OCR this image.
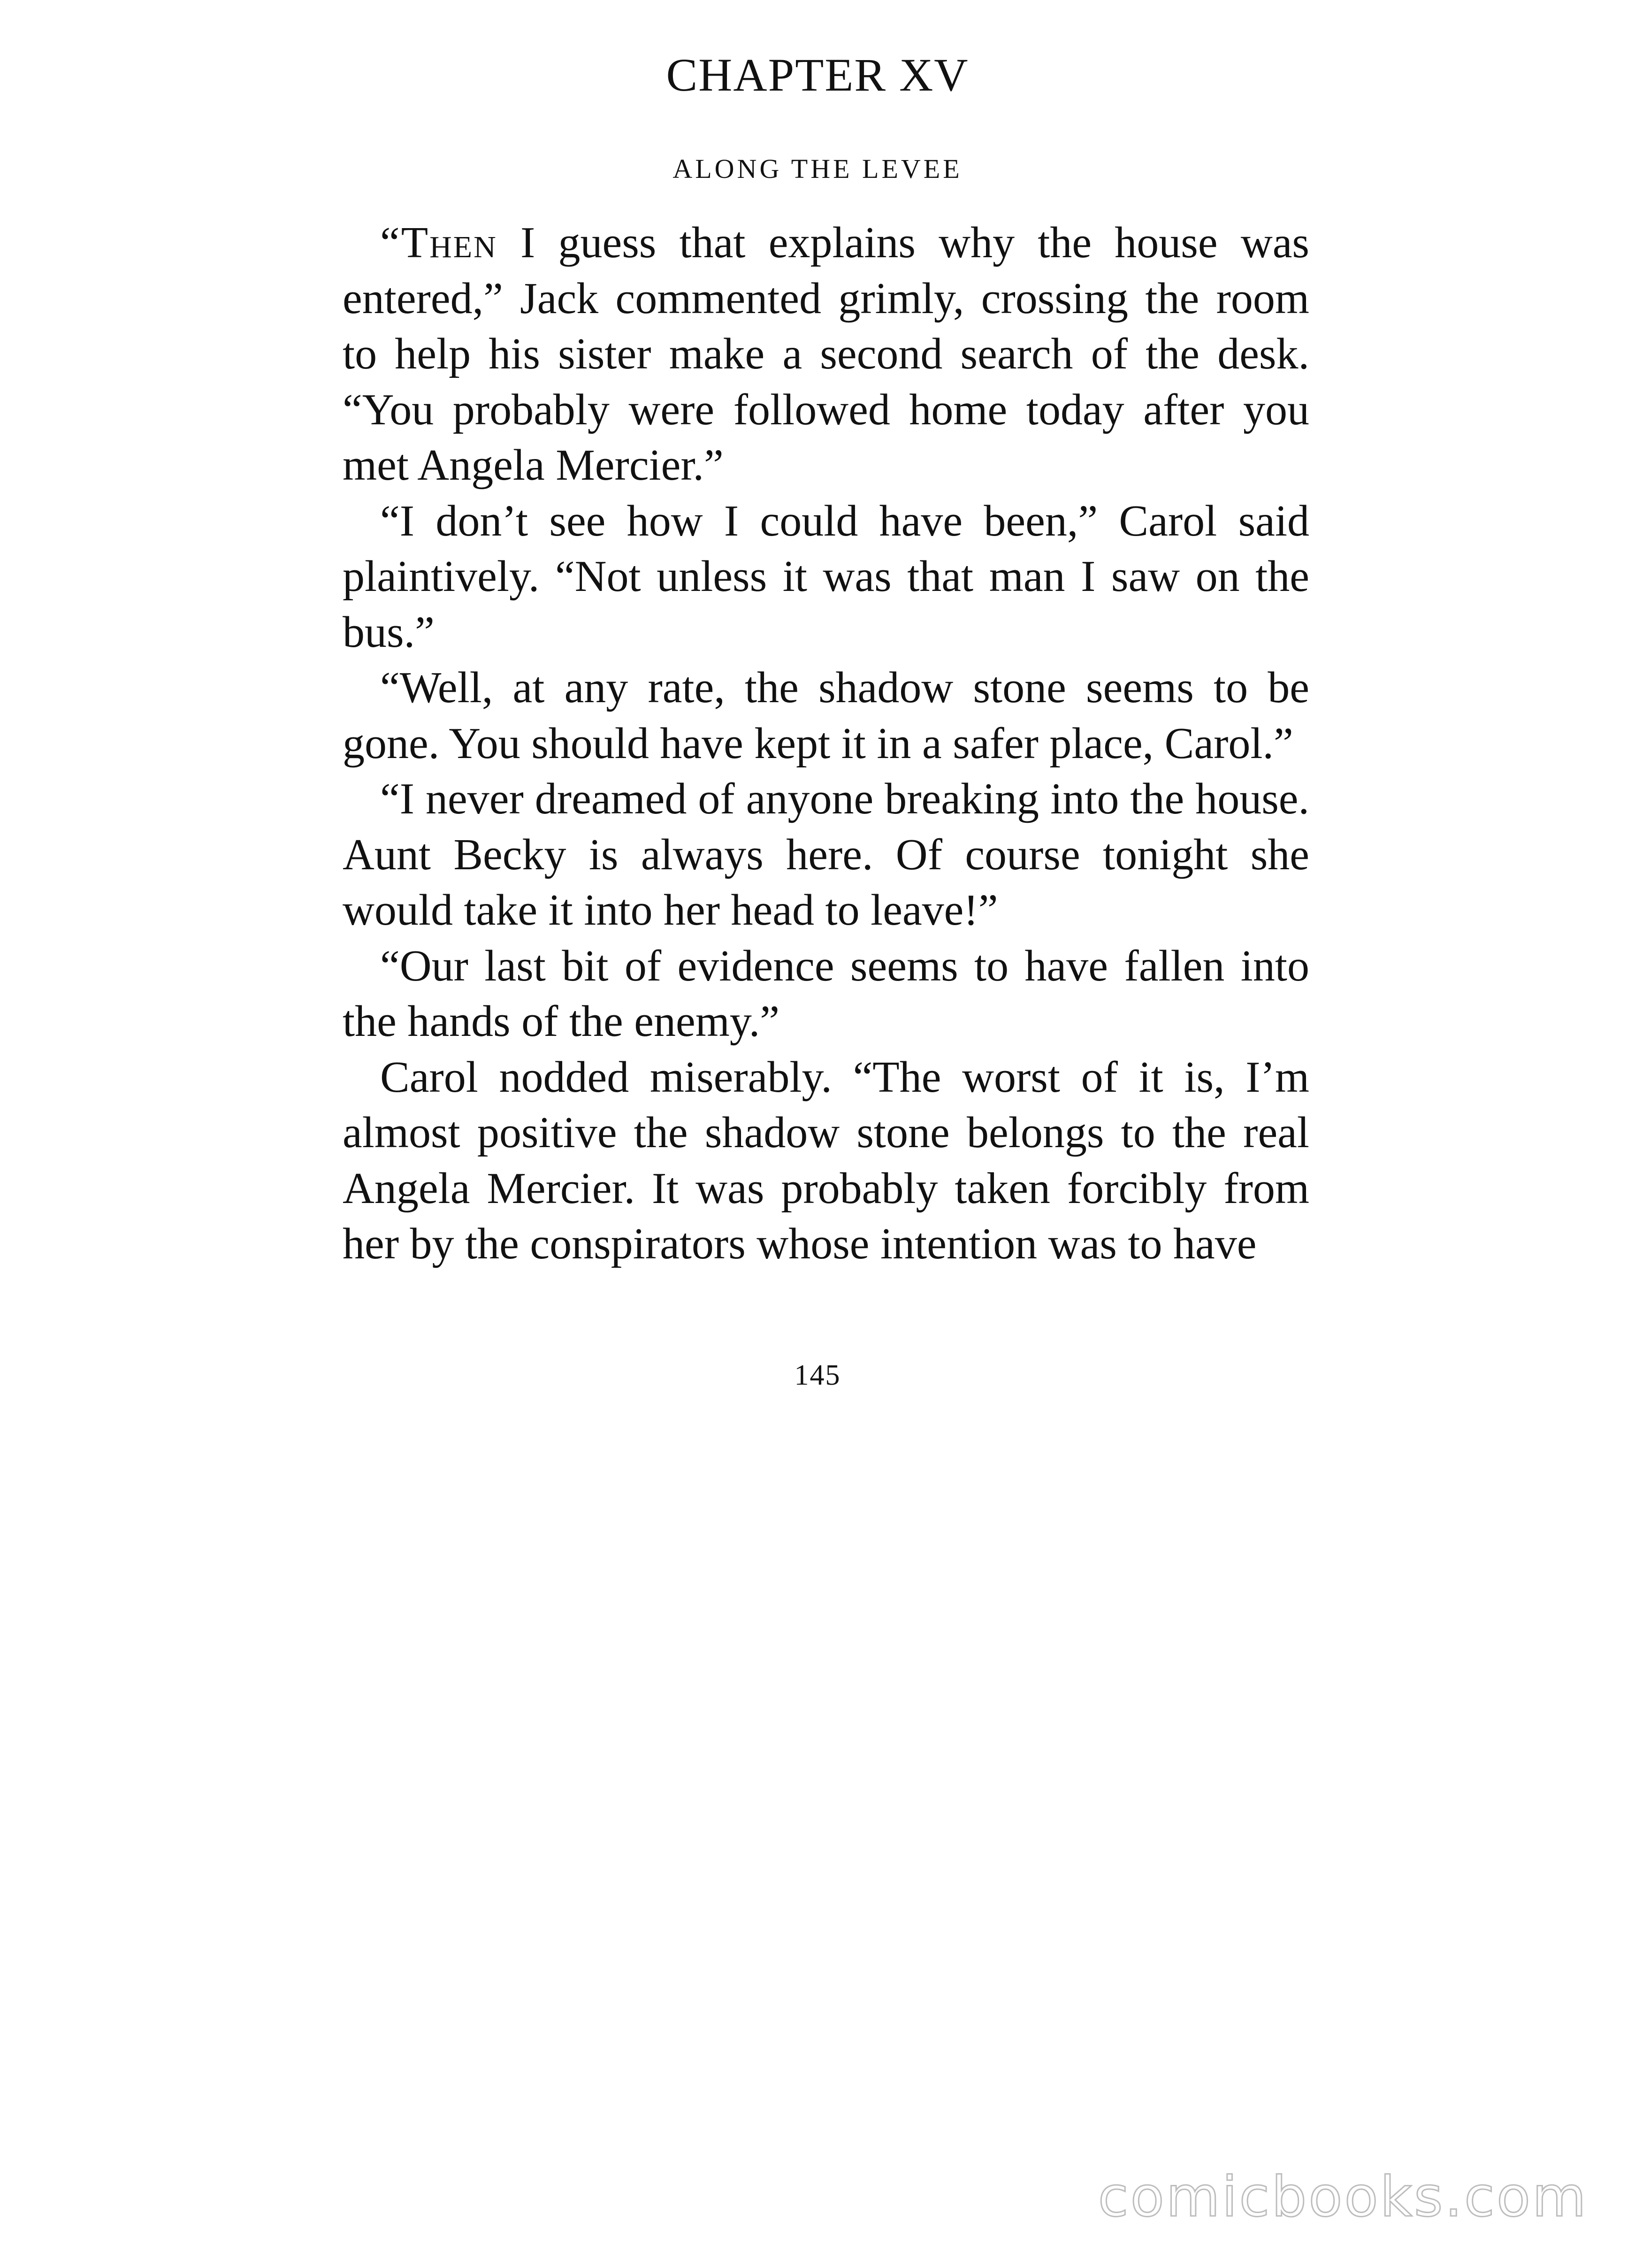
CHAPTER XV
ALONG THE LEVEE

“Then I guess that explains why the house was entered,” Jack commented grimly, crossing the room to help his sister make a second search of the desk. “You probably were followed home today after you met Angela Mercier.”

“I don’t see how I could have been,” Carol said plaintively. “Not unless it was that man I saw on the bus.”

“Well, at any rate, the shadow stone seems to be gone. You should have kept it in a safer place, Carol.”

“I never dreamed of anyone breaking into the house. Aunt Becky is always here. Of course tonight she would take it into her head to leave!”

“Our last bit of evidence seems to have fallen into the hands of the enemy.”

Carol nodded miserably. “The worst of it is, I’m almost positive the shadow stone belongs to the real Angela Mercier. It was probably taken forcibly from her by the conspirators whose intention was to have

145
comicbooks.com
